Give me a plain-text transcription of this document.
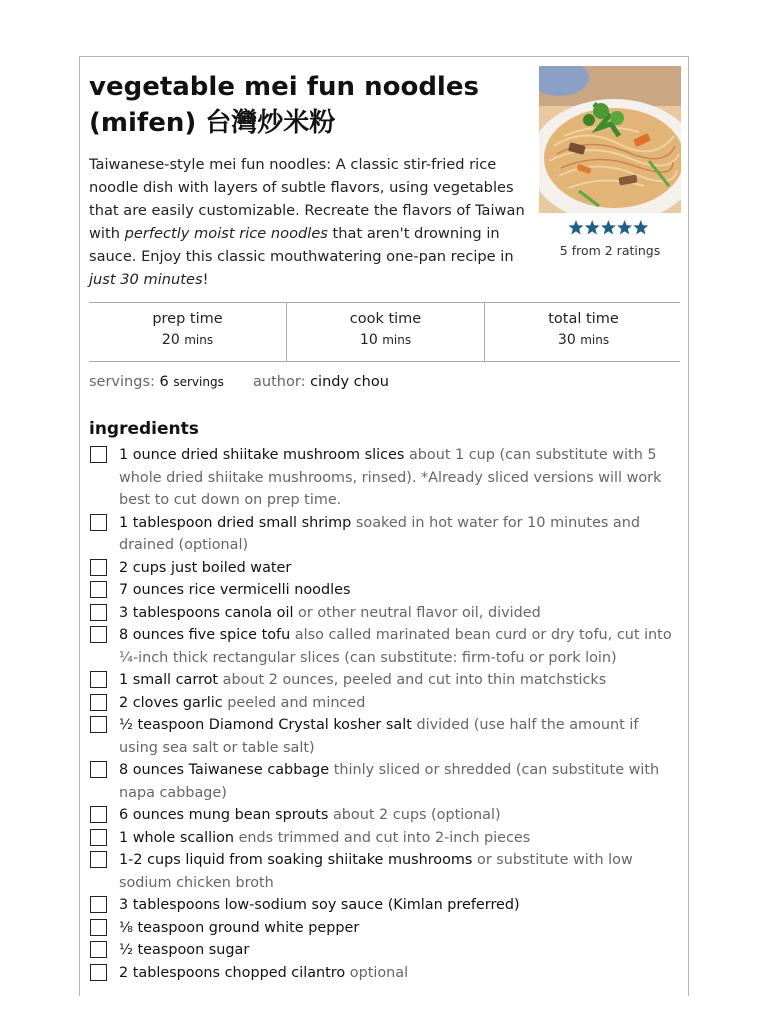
vegetable mei fun noodles (mifen) 台灣炒米粉
Taiwanese-style mei fun noodles: A classic stir-fried rice noodle dish with layers of subtle flavors, using vegetables that are easily customizable. Recreate the flavors of Taiwan with perfectly moist rice noodles that aren't drowning in sauce. Enjoy this classic mouthwatering one-pan recipe in just 30 minutes!
5 from 2 ratings
prep time
20 mins
cook time
10 mins
total time
30 mins
servings: 6 servings author: cindy chou
ingredients
1 ounce dried shiitake mushroom slices about 1 cup (can substitute with 5 whole dried shiitake mushrooms, rinsed). *Already sliced versions will work best to cut down on prep time.
1 tablespoon dried small shrimp soaked in hot water for 10 minutes and drained (optional)
2 cups just boiled water
7 ounces rice vermicelli noodles
3 tablespoons canola oil or other neutral flavor oil, divided
8 ounces five spice tofu also called marinated bean curd or dry tofu, cut into ¼-inch thick rectangular slices (can substitute: firm-tofu or pork loin)
1 small carrot about 2 ounces, peeled and cut into thin matchsticks
2 cloves garlic peeled and minced
½ teaspoon Diamond Crystal kosher salt divided (use half the amount if using sea salt or table salt)
8 ounces Taiwanese cabbage thinly sliced or shredded (can substitute with napa cabbage)
6 ounces mung bean sprouts about 2 cups (optional)
1 whole scallion ends trimmed and cut into 2-inch pieces
1-2 cups liquid from soaking shiitake mushrooms or substitute with low sodium chicken broth
3 tablespoons low-sodium soy sauce (Kimlan preferred)
⅛ teaspoon ground white pepper
½ teaspoon sugar
2 tablespoons chopped cilantro optional
